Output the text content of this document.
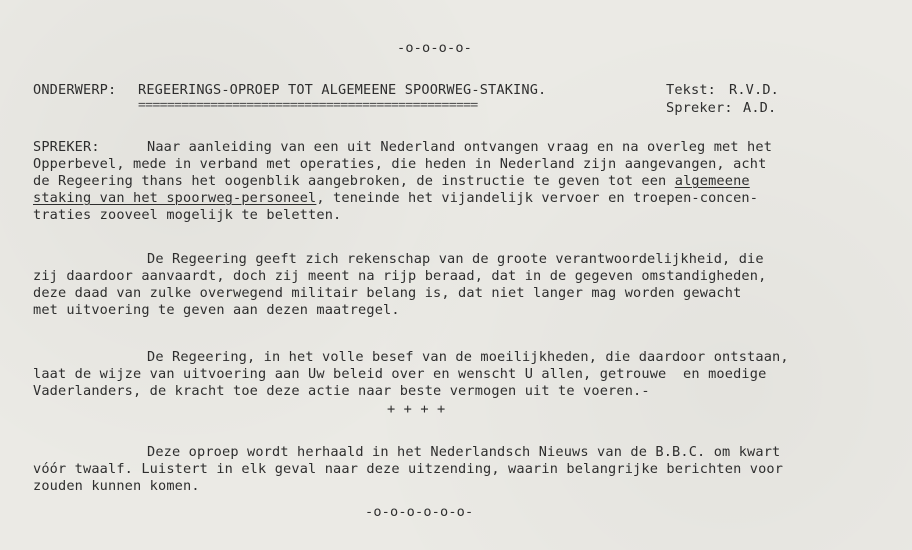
-o-o-o-o-
ONDERWERP: REGEERINGS-OPROEP TOT ALGEMEENE SPOORWEG-STAKING.
===============================================
Tekst: R.V.D.
Spreker: A.D.
SPREKER:	Naar aanleiding van een uit Nederland ontvangen vraag en na overleg met het
Opperbevel, mede in verband met operaties, die heden in Nederland zijn aangevangen, acht
de Regeering thans het oogenblik aangebroken, de instructie te geven tot een algemeene
staking van het spoorweg-personeel, teneinde het vijandelijk vervoer en troepen-concen-
traties zooveel mogelijk te beletten.
De Regeering geeft zich rekenschap van de groote verantwoordelijkheid, die
zij daardoor aanvaardt, doch zij meent na rijp beraad, dat in de gegeven omstandigheden,
deze daad van zulke overwegend militair belang is, dat niet langer mag worden gewacht
met uitvoering te geven aan dezen maatregel.
De Regeering, in het volle besef van de moeilijkheden, die daardoor ontstaan,
laat de wijze van uitvoering aan Uw beleid over en wenscht U allen, getrouwe  en moedige
Vaderlanders, de kracht toe deze actie naar beste vermogen uit te voeren.-
+ + + +
Deze oproep wordt herhaald in het Nederlandsch Nieuws van de B.B.C. om kwart
vóór twaalf. Luistert in elk geval naar deze uitzending, waarin belangrijke berichten voor
zouden kunnen komen.
-o-o-o-o-o-o-
